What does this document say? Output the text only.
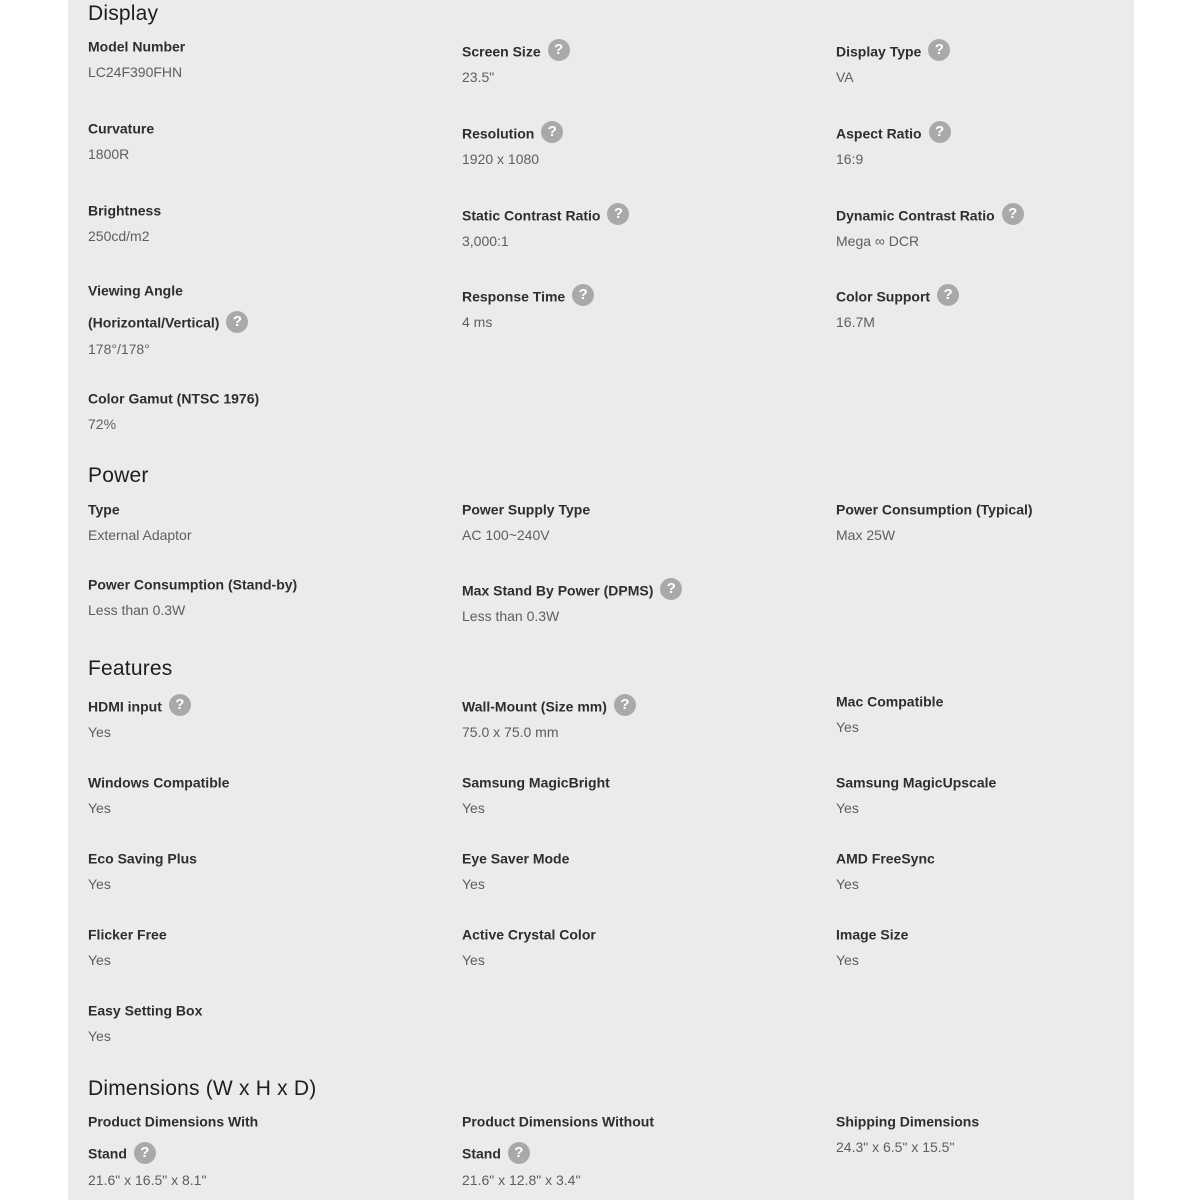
Display
Model Number
LC24F390FHN
Screen Size ?
23.5"
Display Type ?
VA
Curvature
1800R
Resolution ?
1920 x 1080
Aspect Ratio ?
16:9
Brightness
250cd/m2
Static Contrast Ratio ?
3,000:1
Dynamic Contrast Ratio ?
Mega ∞ DCR
Viewing Angle
(Horizontal/Vertical) ?
178°/178°
Response Time ?
4 ms
Color Support ?
16.7M
Color Gamut (NTSC 1976)
72%
Power
Type
External Adaptor
Power Supply Type
AC 100~240V
Power Consumption (Typical)
Max 25W
Power Consumption (Stand-by)
Less than 0.3W
Max Stand By Power (DPMS) ?
Less than 0.3W
Features
HDMI input ?
Yes
Wall-Mount (Size mm) ?
75.0 x 75.0 mm
Mac Compatible
Yes
Windows Compatible
Yes
Samsung MagicBright
Yes
Samsung MagicUpscale
Yes
Eco Saving Plus
Yes
Eye Saver Mode
Yes
AMD FreeSync
Yes
Flicker Free
Yes
Active Crystal Color
Yes
Image Size
Yes
Easy Setting Box
Yes
Dimensions (W x H x D)
Product Dimensions With
Stand ?
21.6" x 16.5" x 8.1"
Product Dimensions Without
Stand ?
21.6" x 12.8" x 3.4"
Shipping Dimensions
24.3" x 6.5" x 15.5"
